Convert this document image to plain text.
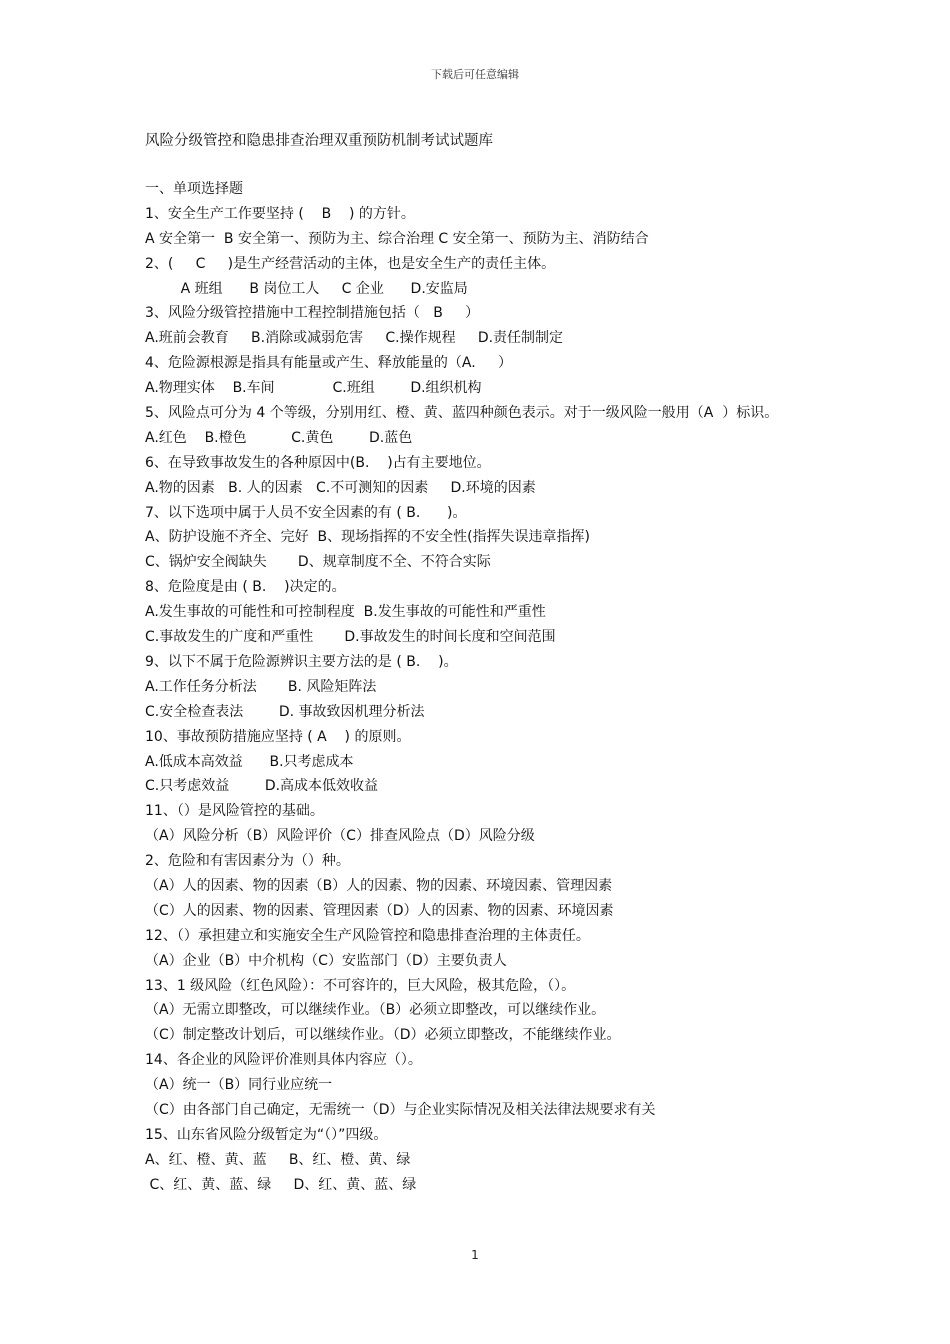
下载后可任意编辑
风险分级管控和隐患排查治理双重预防机制考试试题库
一、单项选择题
1、安全生产工作要坚持 (    B    ) 的方针。
A 安全第一  B 安全第一、预防为主、综合治理 C 安全第一、预防为主、消防结合
2、(     C     )是生产经营活动的主体，也是安全生产的责任主体。
A 班组      B 岗位工人     C 企业      D.安监局
3、风险分级管控措施中工程控制措施包括（   B     ）
A.班前会教育     B.消除或减弱危害     C.操作规程     D.责任制制定
4、危险源根源是指具有能量或产生、释放能量的（A.     ）
A.物理实体    B.车间             C.班组        D.组织机构
5、风险点可分为 4 个等级，分别用红、橙、黄、蓝四种颜色表示。对于一级风险一般用（A  ）标识。
A.红色    B.橙色          C.黄色        D.蓝色
6、在导致事故发生的各种原因中(B.    )占有主要地位。
A.物的因素   B. 人的因素   C.不可测知的因素     D.环境的因素
7、以下选项中属于人员不安全因素的有 ( B.      )。
A、防护设施不齐全、完好  B、现场指挥的不安全性(指挥失误违章指挥)
C、锅炉安全阀缺失       D、规章制度不全、不符合实际
8、危险度是由 ( B.    )决定的。
A.发生事故的可能性和可控制程度  B.发生事故的可能性和严重性
C.事故发生的广度和严重性       D.事故发生的时间长度和空间范围
9、以下不属于危险源辨识主要方法的是 ( B.    )。
A.工作任务分析法       B. 风险矩阵法
C.安全检查表法        D. 事故致因机理分析法
10、事故预防措施应坚持 ( A    ) 的原则。
A.低成本高效益      B.只考虑成本
C.只考虑效益        D.高成本低效收益
11、（）是风险管控的基础。
（A）风险分析（B）风险评价（C）排查风险点（D）风险分级
2、危险和有害因素分为（）种。
（A）人的因素、物的因素（B）人的因素、物的因素、环境因素、管理因素
（C）人的因素、物的因素、管理因素（D）人的因素、物的因素、环境因素
12、（）承担建立和实施安全生产风险管控和隐患排查治理的主体责任。
（A）企业（B）中介机构（C）安监部门（D）主要负责人
13、1 级风险（红色风险）：不可容许的，巨大风险，极其危险，（）。
（A）无需立即整改，可以继续作业。（B）必须立即整改，可以继续作业。
（C）制定整改计划后，可以继续作业。（D）必须立即整改，不能继续作业。
14、各企业的风险评价准则具体内容应（）。
（A）统一（B）同行业应统一
（C）由各部门自己确定，无需统一（D）与企业实际情况及相关法律法规要求有关
15、山东省风险分级暂定为“（）”四级。
A、红、橙、黄、蓝     B、红、橙、黄、绿
C、红、黄、蓝、绿     D、红、黄、蓝、绿
1
